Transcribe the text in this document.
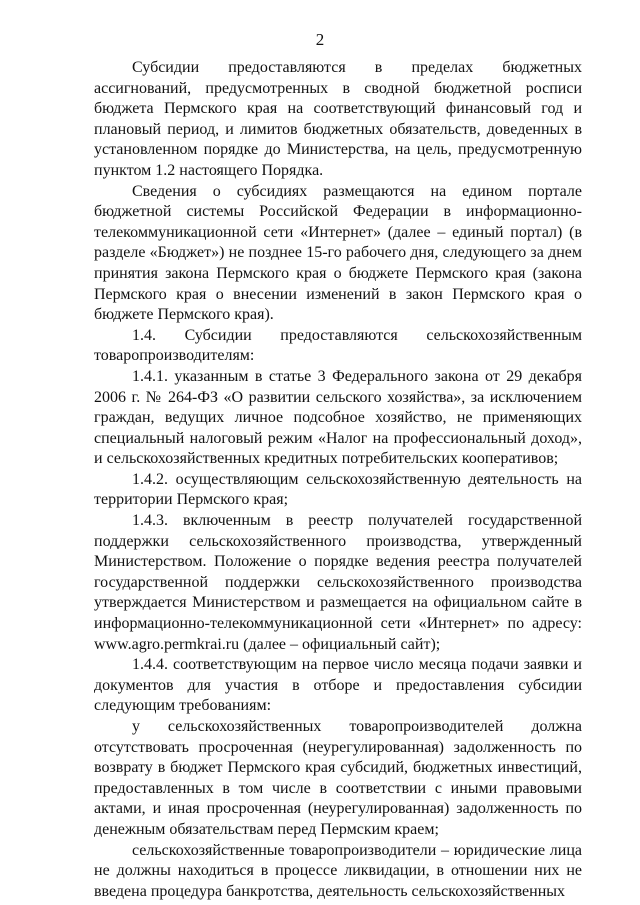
2

Субсидии предоставляются в пределах бюджетных ассигнований, предусмотренных в сводной бюджетной росписи бюджета Пермского края на соответствующий финансовый год и плановый период, и лимитов бюджетных обязательств, доведенных в установленном порядке до Министерства, на цель, предусмотренную пунктом 1.2 настоящего Порядка.

Сведения о субсидиях размещаются на едином портале бюджетной системы Российской Федерации в информационно-телекоммуникационной сети «Интернет» (далее – единый портал) (в разделе «Бюджет») не позднее 15-го рабочего дня, следующего за днем принятия закона Пермского края о бюджете Пермского края (закона Пермского края о внесении изменений в закон Пермского края о бюджете Пермского края).

1.4. Субсидии предоставляются сельскохозяйственным товаропроизводителям:

1.4.1. указанным в статье 3 Федерального закона от 29 декабря 2006 г. № 264-ФЗ «О развитии сельского хозяйства», за исключением граждан, ведущих личное подсобное хозяйство, не применяющих специальный налоговый режим «Налог на профессиональный доход», и сельскохозяйственных кредитных потребительских кооперативов;

1.4.2. осуществляющим сельскохозяйственную деятельность на территории Пермского края;

1.4.3. включенным в реестр получателей государственной поддержки сельскохозяйственного производства, утвержденный Министерством. Положение о порядке ведения реестра получателей государственной поддержки сельскохозяйственного производства утверждается Министерством и размещается на официальном сайте в информационно-телекоммуникационной сети «Интернет» по адресу: www.agro.permkrai.ru (далее – официальный сайт);

1.4.4. соответствующим на первое число месяца подачи заявки и документов для участия в отборе и предоставления субсидии следующим требованиям:

у сельскохозяйственных товаропроизводителей должна отсутствовать просроченная (неурегулированная) задолженность по возврату в бюджет Пермского края субсидий, бюджетных инвестиций, предоставленных в том числе в соответствии с иными правовыми актами, и иная просроченная (неурегулированная) задолженность по денежным обязательствам перед Пермским краем;

сельскохозяйственные товаропроизводители – юридические лица не должны находиться в процессе ликвидации, в отношении них не введена процедура банкротства, деятельность сельскохозяйственных
